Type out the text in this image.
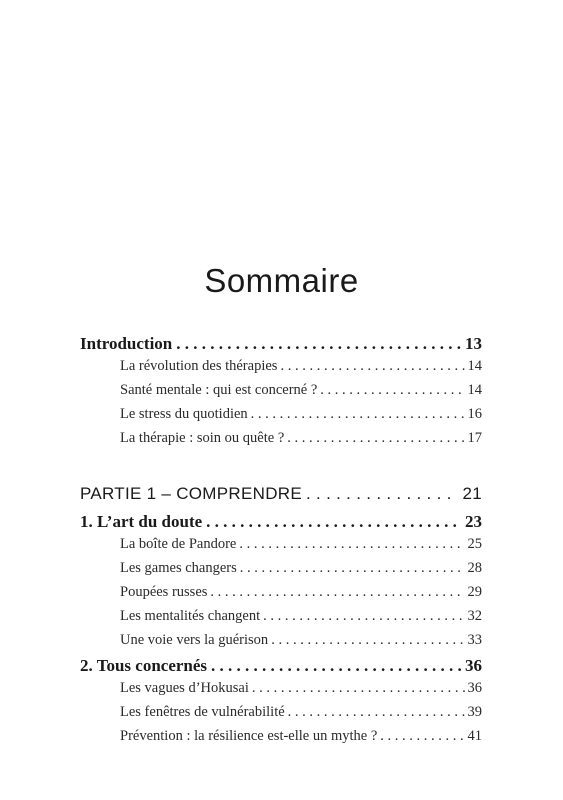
Sommaire
Introduction . . .	13
La révolution des thérapies . . .	14
Santé mentale : qui est concerné ? . . .	14
Le stress du quotidien . . .	16
La thérapie : soin ou quête ? . . .	17
PARTIE 1 – COMPRENDRE . . .	21
1. L’art du doute . . .	23
La boîte de Pandore . . .	25
Les games changers . . .	28
Poupées russes . . .	29
Les mentalités changent . . .	32
Une voie vers la guérison . . .	33
2. Tous concernés . . .	36
Les vagues d’Hokusai . . .	36
Les fenêtres de vulnérabilité . . .	39
Prévention : la résilience est-elle un mythe ? . . .	41
